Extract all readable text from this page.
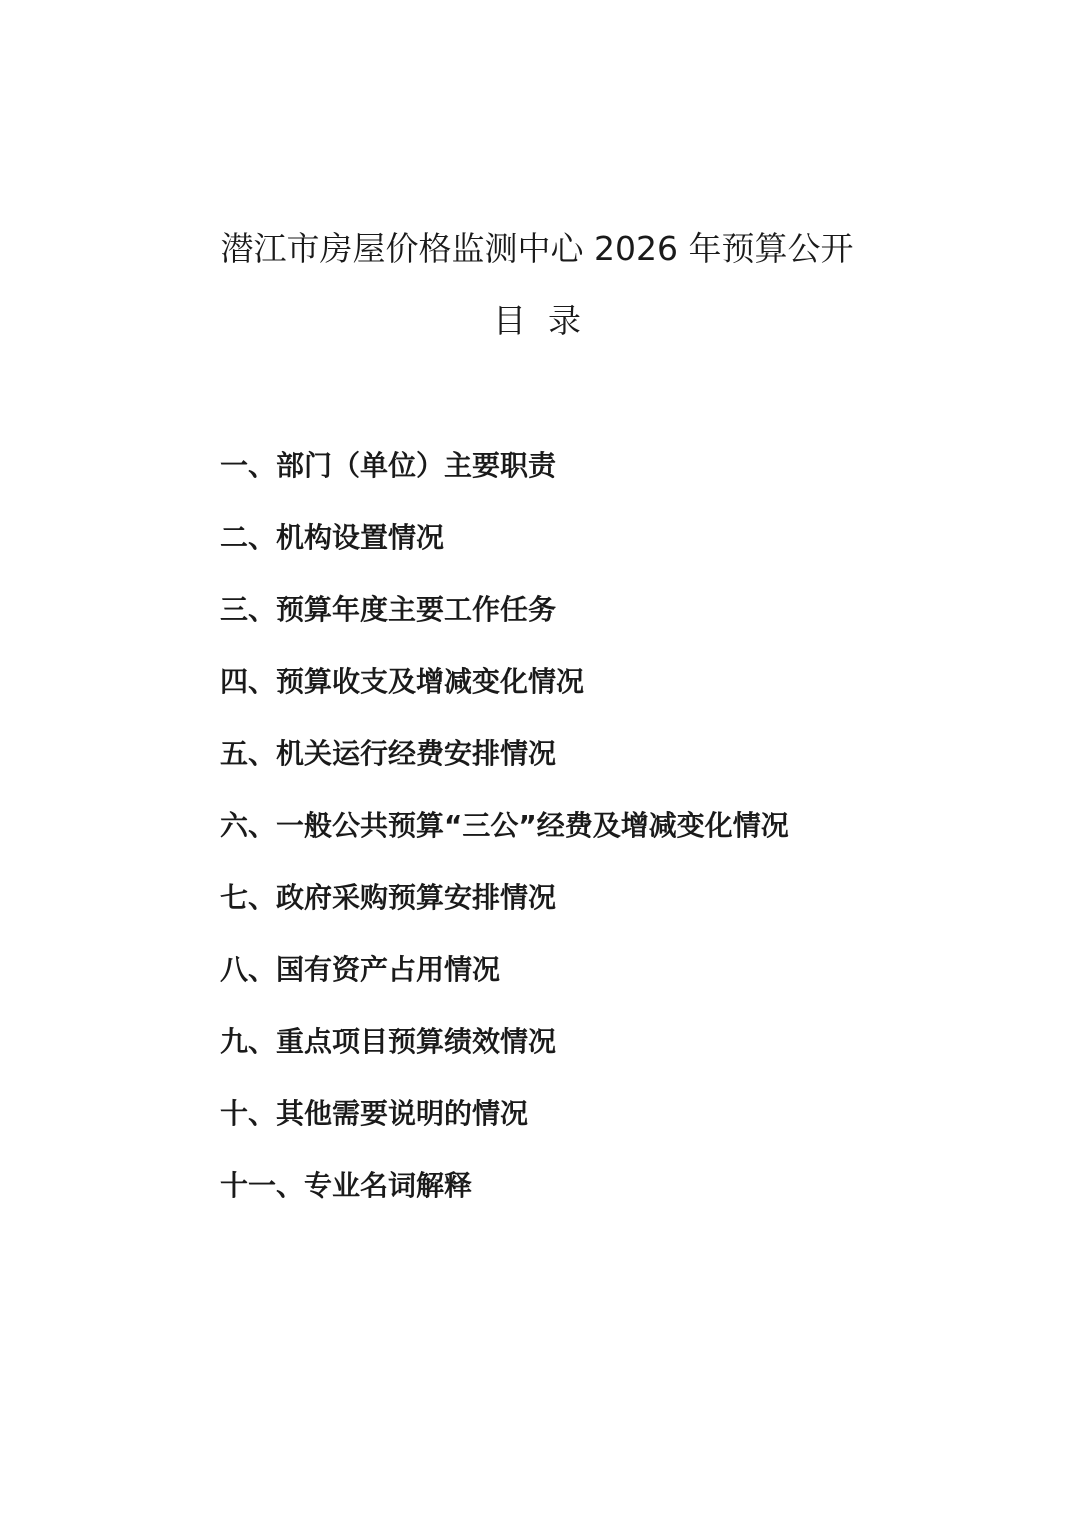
潜江市房屋价格监测中心 2026 年预算公开
目录
一、部门（单位）主要职责
二、机构设置情况
三、预算年度主要工作任务
四、预算收支及增减变化情况
五、机关运行经费安排情况
六、一般公共预算“三公”经费及增减变化情况
七、政府采购预算安排情况
八、国有资产占用情况
九、重点项目预算绩效情况
十、其他需要说明的情况
十一、专业名词解释
